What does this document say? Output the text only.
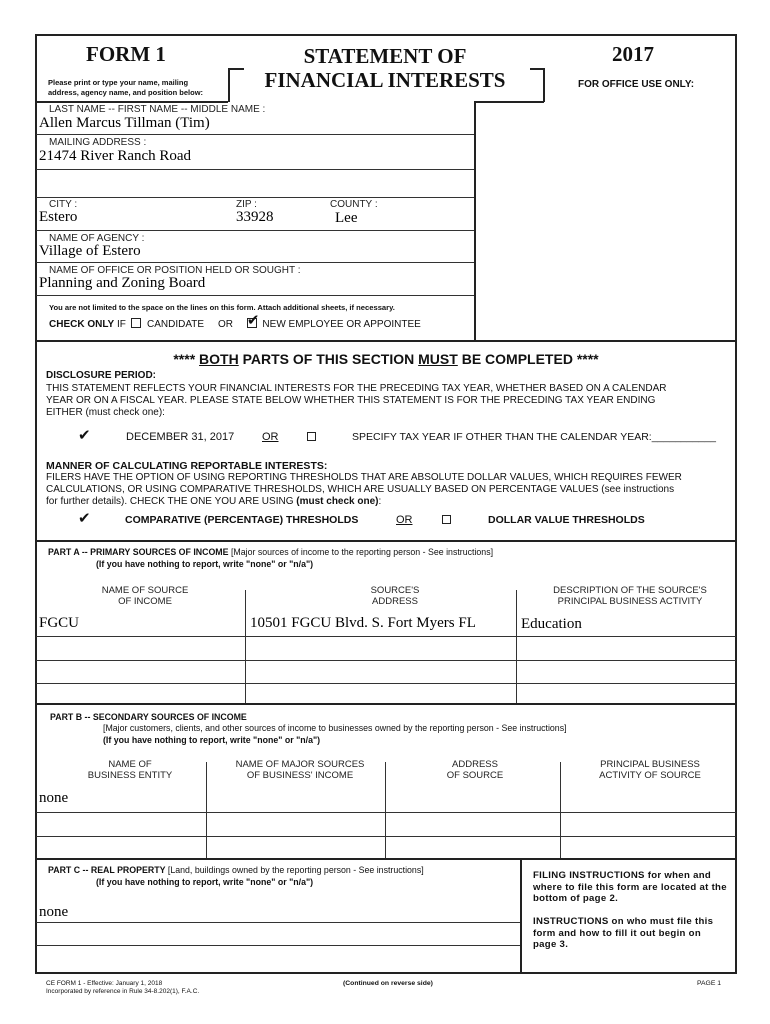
FORM 1
Please print or type your name, mailing
address, agency name, and position below:
STATEMENT OF
FINANCIAL INTERESTS
2017
FOR OFFICE USE ONLY:
LAST NAME -- FIRST NAME -- MIDDLE NAME :
Allen Marcus Tillman (Tim)
MAILING ADDRESS :
21474 River Ranch Road
CITY :
Estero
ZIP :
33928
COUNTY :
Lee
NAME OF AGENCY :
Village of Estero
NAME OF OFFICE OR POSITION HELD OR SOUGHT :
Planning and Zoning Board
You are not limited to the space on the lines on this form. Attach additional sheets, if necessary.
CHECK ONLY IF CANDIDATE OR ✔ NEW EMPLOYEE OR APPOINTEE
**** BOTH PARTS OF THIS SECTION MUST BE COMPLETED ****
DISCLOSURE PERIOD:
THIS STATEMENT REFLECTS YOUR FINANCIAL INTERESTS FOR THE PRECEDING TAX YEAR, WHETHER BASED ON A CALENDAR
YEAR OR ON A FISCAL YEAR. PLEASE STATE BELOW WHETHER THIS STATEMENT IS FOR THE PRECEDING TAX YEAR ENDING
EITHER (must check one):
✔	DECEMBER 31, 2017	OR	SPECIFY TAX YEAR IF OTHER THAN THE CALENDAR YEAR:___________
MANNER OF CALCULATING REPORTABLE INTERESTS:
FILERS HAVE THE OPTION OF USING REPORTING THRESHOLDS THAT ARE ABSOLUTE DOLLAR VALUES, WHICH REQUIRES FEWER
CALCULATIONS, OR USING COMPARATIVE THRESHOLDS, WHICH ARE USUALLY BASED ON PERCENTAGE VALUES (see instructions
for further details). CHECK THE ONE YOU ARE USING (must check one):
✔	COMPARATIVE (PERCENTAGE) THRESHOLDS	OR	DOLLAR VALUE THRESHOLDS
PART A -- PRIMARY SOURCES OF INCOME [Major sources of income to the reporting person - See instructions]
(If you have nothing to report, write "none" or "n/a")
NAME OF SOURCE
OF INCOME
SOURCE'S
ADDRESS
DESCRIPTION OF THE SOURCE'S
PRINCIPAL BUSINESS ACTIVITY
FGCU	10501 FGCU Blvd. S. Fort Myers FL	Education
PART B -- SECONDARY SOURCES OF INCOME
[Major customers, clients, and other sources of income to businesses owned by the reporting person - See instructions]
(If you have nothing to report, write "none" or "n/a")
NAME OF
BUSINESS ENTITY
NAME OF MAJOR SOURCES
OF BUSINESS' INCOME
ADDRESS
OF SOURCE
PRINCIPAL BUSINESS
ACTIVITY OF SOURCE
none
PART C -- REAL PROPERTY [Land, buildings owned by the reporting person - See instructions]
(If you have nothing to report, write "none" or "n/a")
none
FILING INSTRUCTIONS for when and where to file this form are located at the bottom of page 2.
INSTRUCTIONS on who must file this form and how to fill it out begin on page 3.
CE FORM 1 - Effective: January 1, 2018
Incorporated by reference in Rule 34-8.202(1), F.A.C.
(Continued on reverse side)	PAGE 1
